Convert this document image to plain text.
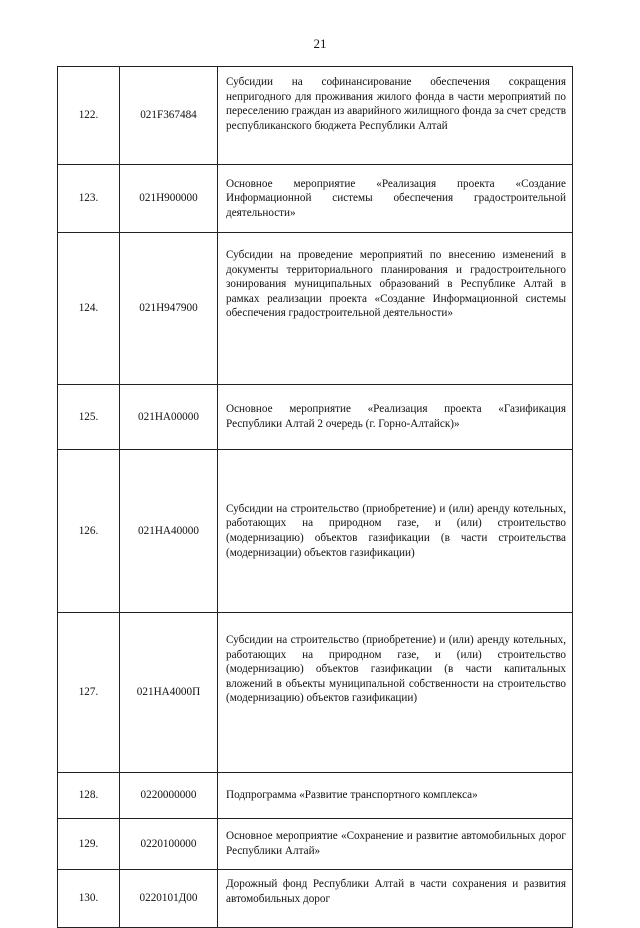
21
122.	021F367484	Субсидии на софинансирование обеспечения сокращения непригодного для проживания жилого фонда в части мероприятий по переселению граждан из аварийного жилищного фонда за счет средств республиканского бюджета Республики Алтай
123.	021H900000	Основное мероприятие «Реализация проекта «Создание Информационной системы обеспечения градостроительной деятельности»
124.	021H947900	Субсидии на проведение мероприятий по внесению изменений в документы территориального планирования и градостроительного зонирования муниципальных образований в Республике Алтай в рамках реализации проекта «Создание Информационной системы обеспечения градостроительной деятельности»
125.	021HA00000	Основное мероприятие «Реализация проекта «Газификация Республики Алтай 2 очередь (г. Горно-Алтайск)»
126.	021HA40000	Субсидии на строительство (приобретение) и (или) аренду котельных, работающих на природном газе, и (или) строительство (модернизацию) объектов газификации (в части строительства (модернизации) объектов газификации)
127.	021HA4000П	Субсидии на строительство (приобретение) и (или) аренду котельных, работающих на природном газе, и (или) строительство (модернизацию) объектов газификации (в части капитальных вложений в объекты муниципальной собственности на строительство (модернизацию) объектов газификации)
128.	0220000000	Подпрограмма «Развитие транспортного комплекса»
129.	0220100000	Основное мероприятие «Сохранение и развитие автомобильных дорог Республики Алтай»
130.	0220101Д00	Дорожный фонд Республики Алтай в части сохранения и развития автомобильных дорог
